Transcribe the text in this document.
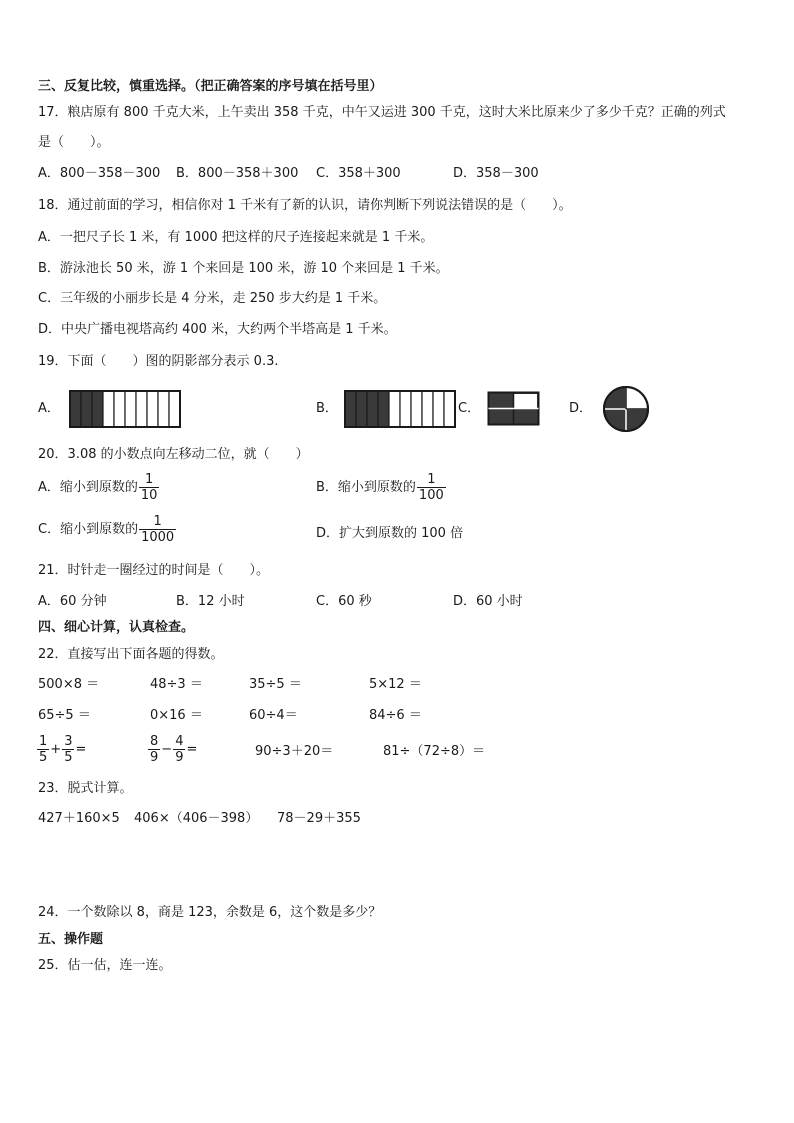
三、反复比较，慎重选择。（把正确答案的序号填在括号里）
17．粮店原有 800 千克大米，上午卖出 358 千克，中午又运进 300 千克，这时大米比原来少了多少千克？正确的列式
是（　　）。
A．800－358－300 B．800－358＋300 C．358＋300	D．358－300
18．通过前面的学习，相信你对 1 千米有了新的认识，请你判断下列说法错误的是（　　）。
A．一把尺子长 1 米，有 1000 把这样的尺子连接起来就是 1 千米。
B．游泳池长 50 米，游 1 个来回是 100 米，游 10 个来回是 1 千米。
C．三年级的小丽步长是 4 分米，走 250 步大约是 1 千米。
D．中央广播电视塔高约 400 米，大约两个半塔高是 1 千米。
19．下面（　　）图的阴影部分表示 0.3.
A．	B．	C．	D．
20．3.08 的小数点向左移动二位，就（　　）
A．缩小到原数的 $\frac{1}{10}$	B．缩小到原数的 $\frac{1}{100}$
C．缩小到原数的 $\frac{1}{1000}$	D．扩大到原数的 100 倍
21．时针走一圈经过的时间是（　　）。
A．60 分钟	B．12 小时	C．60 秒	D．60 小时
四、细心计算，认真检查。
22．直接写出下面各题的得数。
500×8 ＝	48÷3 ＝	35÷5 ＝	5×12 ＝
65÷5 ＝	0×16 ＝	60÷4＝	84÷6 ＝
$\frac{1}{5} + \frac{3}{5}$ =	$\frac{8}{9} - \frac{4}{9}$ =	90÷3＋20＝	81÷（72÷8）＝
23．脱式计算。
427＋160×5 406×（406－398） 78－29＋355
24．一个数除以 8，商是 123，余数是 6，这个数是多少？
五、操作题
25．估一估，连一连。
